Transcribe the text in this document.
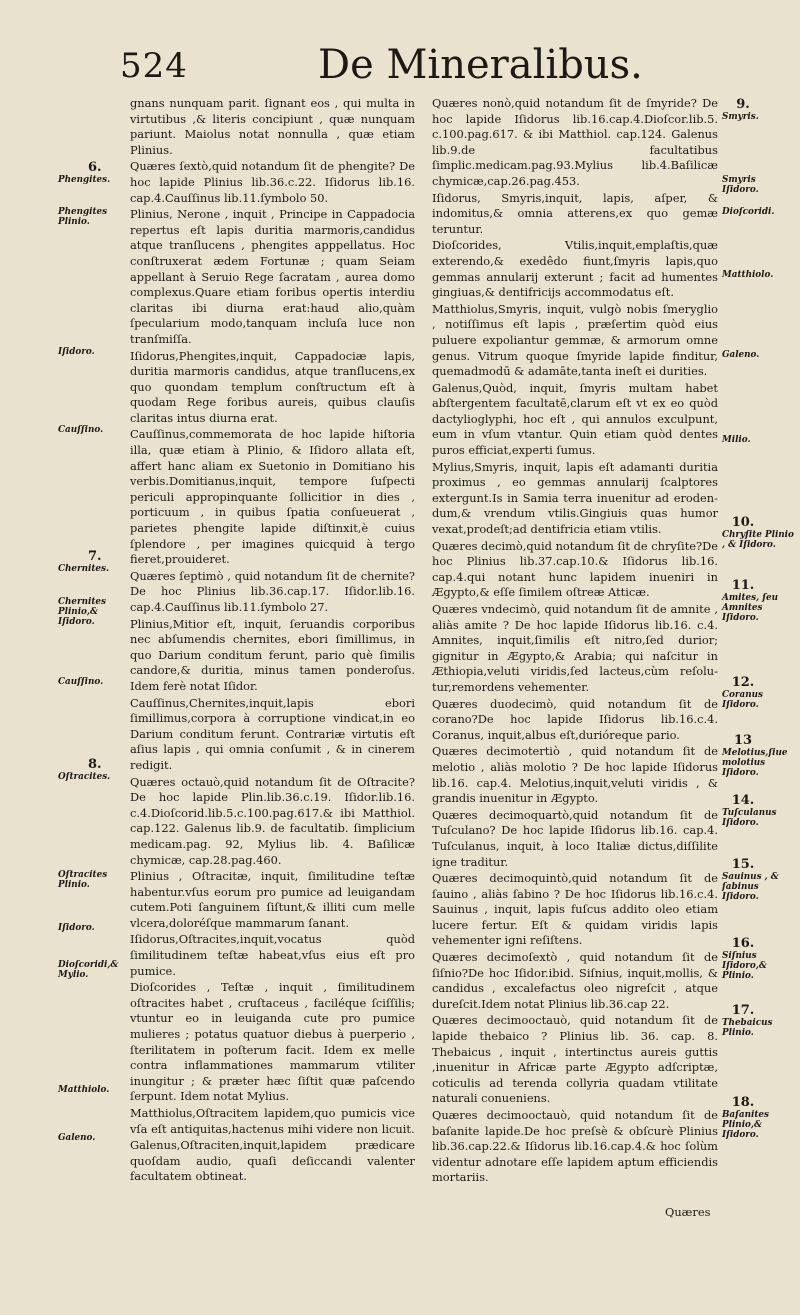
524	De Mineralibus.

gnans nunquam parit. ſignant eos , qui multa in virtutibus ,& literis concipiunt , quæ nunquam pariunt. Maiolus notat nonnulla , quæ etiam Plinius.

Quæres ſextò,quid notandum ſit de phengite? De hoc lapide Plinius lib.36.c.22. Iſidorus lib.16. cap.4.Cauſſinus lib.11.ſymbolo 50.

Plinius, Nerone , inquit , Principe in Cappadocia repertus eſt lapis duritia marmoris,candidus atque tranſlucens , phengites apppellatus. Hoc conſtruxerat ædem Fortunæ ; quam Seiam appellant à Seruio Rege ſacratam , aurea domo complexus.Quare etiam foribus opertis interdiu claritas ibi diurna erat:haud alio,quàm ſpecularium modo,tanquam incluſa luce non tranſmiſſa.

Iſidorus,Phengites,inquit, Cappadociæ lapis, duritia marmoris candidus, atque tranſlucens,ex quo quondam templum conſtructum eſt à quodam Rege foribus aureis, quibus clauſis claritas intus diurna erat.

Cauſſinus,commemorata de hoc lapide hiſtoria illa, quæ etiam à Plinio, & Iſidoro allata eſt, affert hanc aliam ex Suetonio in Domitiano his verbis.Domitianus,inquit, tempore ſuſpecti periculi appropinquante ſollicitior in dies , porticuum , in quibus ſpatia conſueuerat , parietes phengite lapide diſtinxit,è cuius ſplendore , per imagines quicquid à tergo fieret,prouideret.

Quæres ſeptimò , quid notandum ſit de chernite? De hoc Plinius lib.36.cap.17. Iſidor.lib.16. cap.4.Cauſſinus lib.11.ſymbolo 27.

Plinius,Mitior eſt, inquit, ſeruandis corporibus nec abſumendis chernites, ebori ſimillimus, in quo Darium conditum ferunt, pario què ſimilis candore,& duritia, minus tamen ponderoſus. Idem ferè notat Iſidor.

Cauſſinus,Chernites,inquit,lapis ebori ſimillimus,corpora à corruptione vindicat,in eo Darium conditum ferunt. Contrariæ virtutis eſt aſius lapis , qui omnia conſumit , & in cinerem redigit.

Quæres octauò,quid notandum ſit de Oſtracite? De hoc lapide Plin.lib.36.c.19. Iſidor.lib.16. c.4.Dioſcorid.lib.5.c.100.pag.617.& ibi Matthiol. cap.122. Galenus lib.9. de facultatib. ſimplicium medicam.pag. 92, Mylius lib. 4. Baſilicæ chymicæ, cap.28.pag.460.

Plinius , Oſtracitæ, inquit, ſimilitudine teſtæ habentur.vſus eorum pro pumice ad leuigandam cutem.Poti ſanguinem ſiſtunt,& illiti cum melle vlcera,doloréſque mammarum ſanant.

Iſidorus,Oſtracites,inquit,vocatus quòd ſimilitudinem teſtæ habeat,vſus eius eſt pro pumice.

Dioſcorides , Teſtæ , inquit , ſimilitudinem oſtracites habet , cruſtaceus , faciléque ſciſſilis; vtuntur eo in leuiganda cute pro pumice mulieres ; potatus quatuor diebus à puerperio , ſterilitatem in poſterum facit. Idem ex melle contra inflammationes mammarum vtiliter inungitur ; & præter hæc ſiſtit quæ paſcendo ſerpunt. Idem notat Mylius.

Matthiolus,Oſtracitem lapidem,quo pumicis vice vſa eſt antiquitas,hactenus mihi videre non licuit.

Galenus,Oſtraciten,inquit,lapidem prædicare quoſdam audio, quaſi deſiccandi valenter facultatem obtineat.

Quæres nonò,quid notandum ſit de ſmyride? De hoc lapide Iſidorus lib.16.cap.4.Dioſcor.lib.5. c.100.pag.617. & ibi Matthiol. cap.124. Galenus lib.9.de facultatibus ſimplic.medicam.pag.93.Mylius lib.4.Baſilicæ chymicæ,cap.26.pag.453.

Iſidorus, Smyris,inquit, lapis, aſper, & indomitus,& omnia atterens,ex quo gemæ teruntur.

Dioſcorides, Vtilis,inquit,emplaſtis,quæ exterendo,& exedêdo fiunt,ſmyris lapis,quo gemmas annularij exterunt ; facit ad humentes gingiuas,& dentifricijs accommodatus eſt.

Matthiolus,Smyris, inquit, vulgò nobis ſmeryglio , notiſſimus eſt lapis , præſertim quòd eius puluere expoliantur gemmæ, & armorum omne genus. Vitrum quoque ſmyride lapide finditur, quemadmodū & adamāte,tanta ineſt ei durities.

Galenus,Quòd, inquit, ſmyris multam habet abſtergentem facultatē,clarum eſt vt ex eo quòd dactylioglyphi, hoc eſt , qui annulos exculpunt, eum in vſum vtantur. Quin etiam quòd dentes puros efficiat,experti ſumus.

Mylius,Smyris, inquit, lapis eſt adamanti duritia proximus , eo gemmas annularij ſcalptores extergunt.Is in Samia terra inuenitur ad eroden-dum,& vrendum vtilis.Gingiuis quas humor vexat,prodeſt;ad dentifricia etiam vtilis.

Quæres decimò,quid notandum ſit de chryſite?De hoc Plinius lib.37.cap.10.& Iſidorus lib.16. cap.4.qui notant hunc lapidem inueniri in Ægypto,& eſſe ſimilem oſtreæ Atticæ.

Quæres vndecimò, quid notandum ſit de amnite , aliàs amite ? De hoc lapide Iſidorus lib.16. c.4. Amnites, inquit,ſimilis eſt nitro,ſed durior; gignitur in Ægypto,& Arabia; qui naſcitur in Æthiopia,veluti viridis,ſed lacteus,cùm reſolu-tur,remordens vehementer.

Quæres duodecimò, quid notandum ſit de corano?De hoc lapide Iſidorus lib.16.c.4. Coranus, inquit,albus eſt,durióreque pario.

Quæres decimotertiò , quid notandum ſit de melotio , aliàs molotio ? De hoc lapide Iſidorus lib.16. cap.4. Melotius,inquit,veluti viridis , & grandis inuenitur in Ægypto.

Quæres decimoquartò,quid notandum ſit de Tuſculano? De hoc lapide Iſidorus lib.16. cap.4. Tuſculanus, inquit, à loco Italiæ dictus,diſſilite igne traditur.

Quæres decimoquintò,quid notandum ſit de ſauino , aliàs ſabino ? De hoc Iſidorus lib.16.c.4. Sauinus , inquit, lapis fuſcus addito oleo etiam lucere fertur. Eſt & quidam viridis lapis vehementer igni reſiſtens.

Quæres decimoſextò , quid notandum ſit de ſiſnio?De hoc Iſidor.ibid. Siſnius, inquit,mollis, & candidus , excalefactus oleo nigreſcit , atque dureſcit.Idem notat Plinius lib.36.cap 22.

Quæres decimooctauò, quid notandum ſit de lapide thebaico ? Plinius lib. 36. cap. 8. Thebaicus , inquit , intertinctus aureis guttis ,inuenitur in Africæ parte Ægypto adſcriptæ, coticulis ad terenda collyria quadam vtilitate naturali conueniens.

Quæres decimooctauò, quid notandum ſit de baſanite lapide.De hoc preſsè & obſcurè Plinius lib.36.cap.22.& Iſidorus lib.16.cap.4.& hoc ſolùm videntur adnotare eſſe lapidem aptum efficiendis mortariis.

6.
Phengites.
Phengites Plinio.
Iſidoro.
Cauſſino.
7.
Chernites.
Chernites Plinio,& Iſidoro.
Cauſſino.
8.
Oſtracites.
Oſtracites Plinio.
Iſidoro.
Dioſcoridi,& Mylio.
Matthiolo.
Galeno.
9.
Smyris.
Smyris Iſidoro.
Dioſcoridi.
Matthiolo.
Galeno.
Milio.
10.
Chryſite Plinio , & Iſidoro.
11.
Amites, ſeu Amnites Iſidoro.
12.
Coranus Iſidoro.
13
Melotius,ſiue molotius Iſidoro.
14.
Tuſculanus Iſidoro.
15.
Sauinus , & ſabinus Iſidoro.
16.
Siſnius Iſidoro,& Plinio.
17.
Thebaicus Plinio.
18.
Baſanites Plinio,& Iſidoro.
Quæres
